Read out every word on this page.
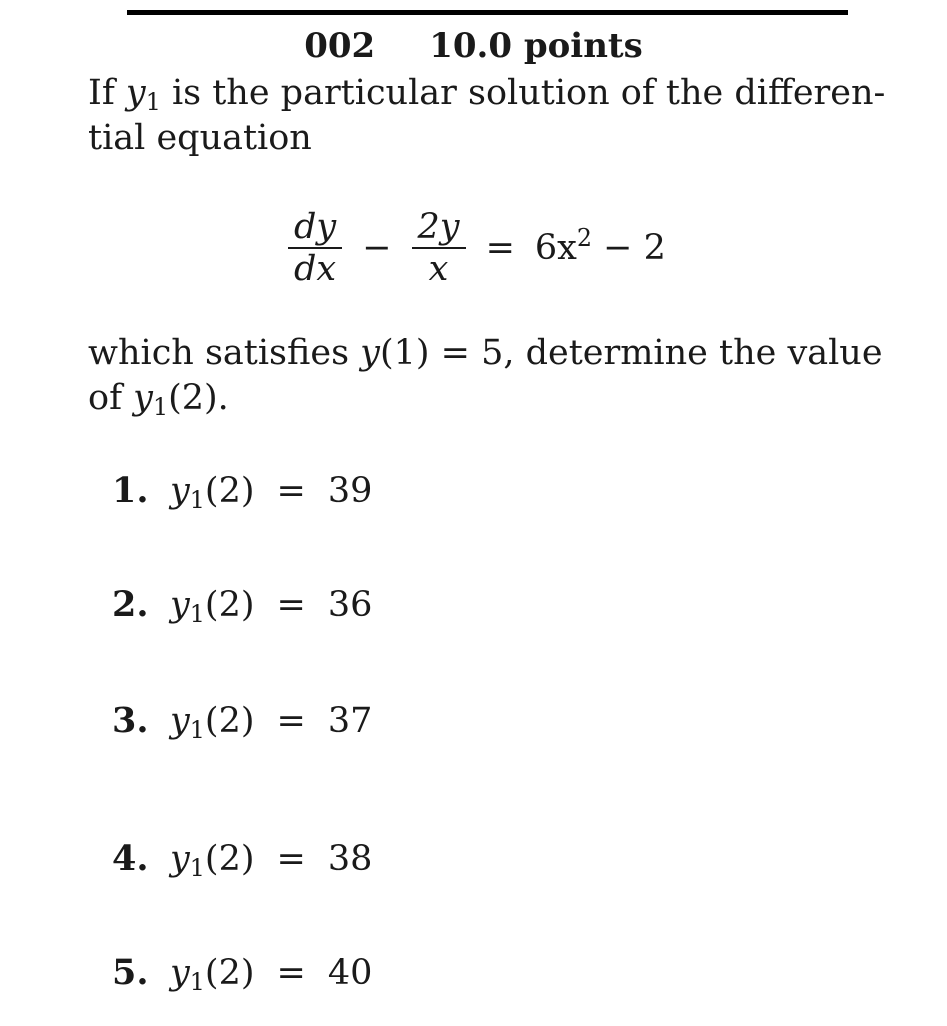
002 10.0 points
If $y_1$ is the particular solution of the differen-
tial equation
$\frac{dy}{dx} - \frac{2y}{x} = 6x^2 - 2$
which satisfies y(1) = 5, determine the value
of $y_1(2)$.
1. $y_1$ (2) = 39
2. $y_1$ (2) = 36
3. $y_1$ (2) = 37
4. $y_1$ (2) = 38
5. $y_1$ (2) = 40
